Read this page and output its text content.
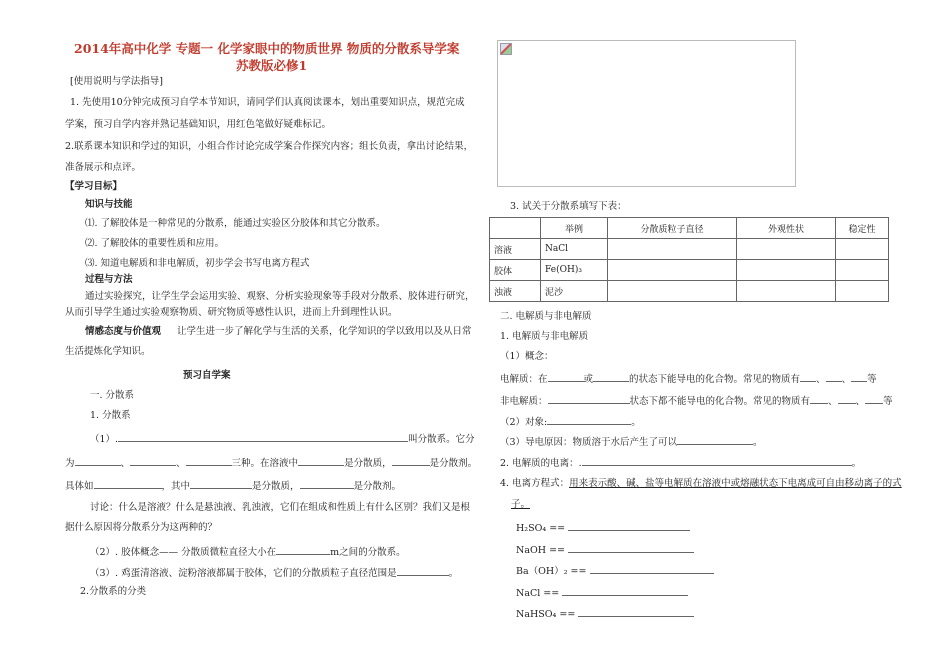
2014年高中化学 专题一 化学家眼中的物质世界 物质的分散系导学案
苏教版必修1
[使用说明与学法指导]
1. 先使用10分钟完成预习自学本节知识，请同学们认真阅读课本，划出重要知识点，规范完成
学案，预习自学内容并熟记基础知识，用红色笔做好疑难标记。
2.联系课本知识和学过的知识，小组合作讨论完成学案合作探究内容；组长负责，拿出讨论结果，
准备展示和点评。
【学习目标】
知识与技能
⑴. 了解胶体是一种常见的分散系，能通过实验区分胶体和其它分散系。
⑵. 了解胶体的重要性质和应用。
⑶. 知道电解质和非电解质，初步学会书写电离方程式
过程与方法
通过实验探究，让学生学会运用实验、观察、分析实验现象等手段对分散系、胶体进行研究，
从而引导学生通过实验观察物质、研究物质等感性认识，进而上升到理性认识。
情感态度与价值观 让学生进一步了解化学与生活的关系，化学知识的学以致用以及从日常
生活提炼化学知识。
预习自学案
一. 分散系
1. 分散系
（1）.	叫分散系。它分
为	、	、	三种。在溶液中	是分散质，	是分散剂。
具体如	，其中	是分散质，	是分散剂。
讨论：什么是溶液？什么是悬浊液、乳浊液，它们在组成和性质上有什么区别？我们又是根
据什么原因将分散系分为这两种的？
（2）. 胶体概念—— 分散质微粒直径大小在	m之间的分散系。
（3）. 鸡蛋清溶液、淀粉溶液都属于胶体，它们的分散质粒子直径范围是	。
2.分散系的分类
3. 试关于分散系填写下表：
	举例	分散质粒子直径	外观性状	稳定性
溶液	NaCl			
胶体	Fe(OH)₃			
浊液	泥沙			
二. 电解质与非电解质
1. 电解质与非电解质
（1）概念：
电解质：在	或	的状态下能导电的化合物。常见的物质有 、 、 等
非电解质：	状态下都不能导电的化合物。常见的物质有 、 、 等
（2）对象:	。
（3）导电原因：物质溶于水后产生了可以	。
2. 电解质的电离：.	。
4. 电离方程式：用来表示酸、碱、盐等电解质在溶液中或熔融状态下电离成可自由移动离子的式
子。
H₂SO₄ ==
NaOH ==
Ba（OH）₂ ==
NaCl ==
NaHSO₄ ==
